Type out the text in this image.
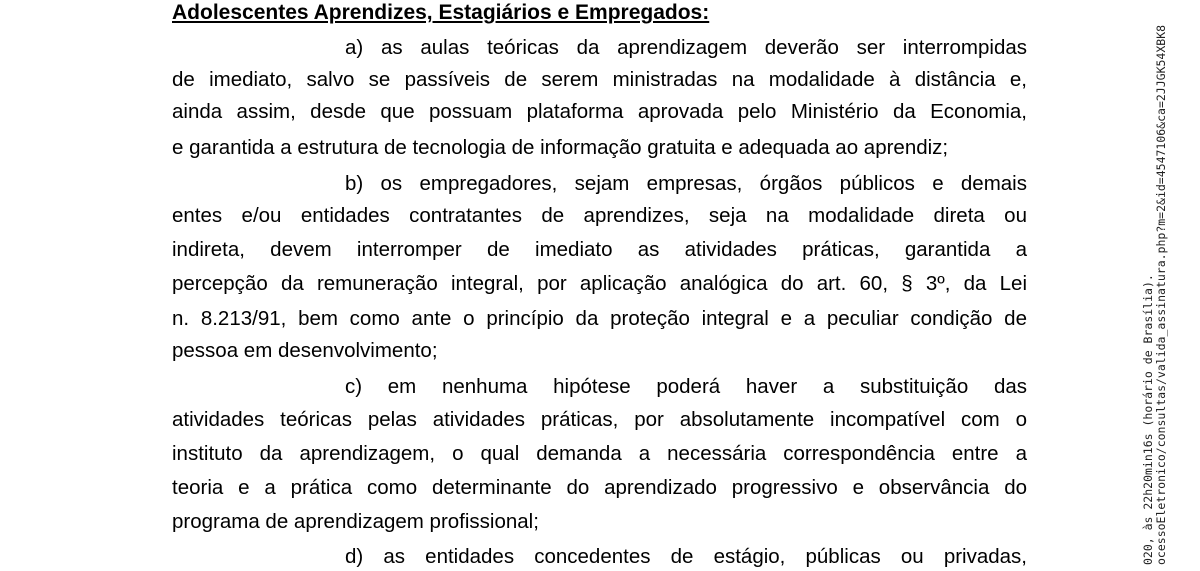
Adolescentes Aprendizes, Estagiários e Empregados:
a) as aulas teóricas da aprendizagem deverão ser interrompidas
de imediato, salvo se passíveis de serem ministradas na modalidade à distância e,
ainda assim, desde que possuam plataforma aprovada pelo Ministério da Economia,
e garantida a estrutura de tecnologia de informação gratuita e adequada ao aprendiz;
b) os empregadores, sejam empresas, órgãos públicos e demais
entes e/ou entidades contratantes de aprendizes, seja na modalidade direta ou
indireta, devem interromper de imediato as atividades práticas, garantida a
percepção da remuneração integral, por aplicação analógica do art. 60, § 3º, da Lei
n. 8.213/91, bem como ante o princípio da proteção integral e a peculiar condição de
pessoa em desenvolvimento;
c) em nenhuma hipótese poderá haver a substituição das
atividades teóricas pelas atividades práticas, por absolutamente incompatível com o
instituto da aprendizagem, o qual demanda a necessária correspondência entre a
teoria e a prática como determinante do aprendizado progressivo e observância do
programa de aprendizagem profissional;
d) as entidades concedentes de estágio, públicas ou privadas,	020, às 22h20min16s (horário de Brasília). ocessoEletronico/consultas/valida_assinatura.php?m=2&id=4547106&ca=2JJGK54XBK8
